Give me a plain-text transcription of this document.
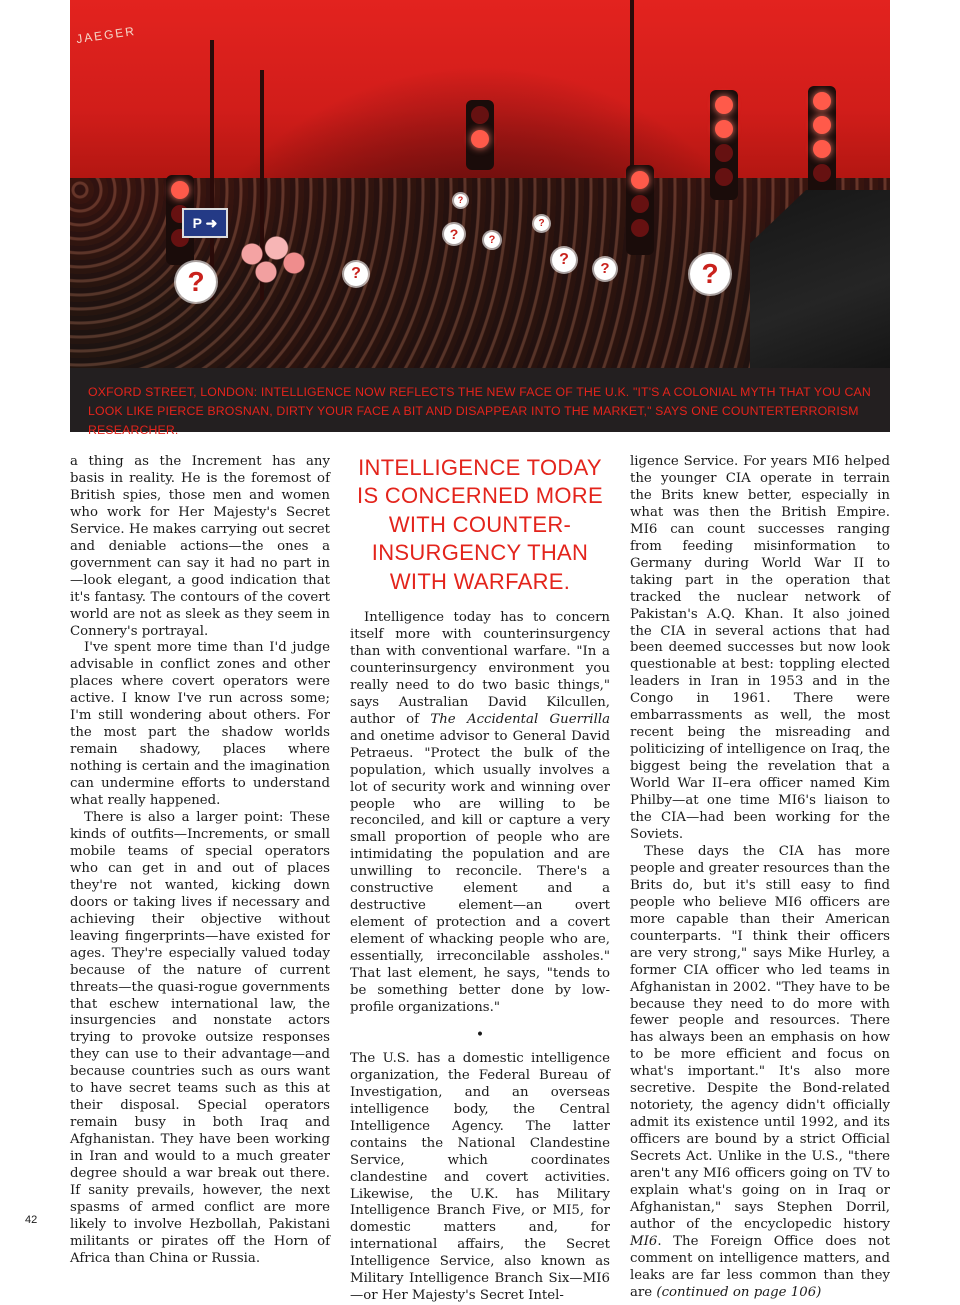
JAEGER
P ➜
?	?
?
?
?
?
?
?	?

OXFORD STREET, LONDON: INTELLIGENCE NOW REFLECTS THE NEW FACE OF THE U.K. "IT'S A COLONIAL MYTH THAT YOU CAN LOOK LIKE PIERCE BROSNAN, DIRTY YOUR FACE A BIT AND DISAPPEAR INTO THE MARKET," SAYS ONE COUNTERTERRORISM RESEARCHER.

a thing as the Increment has any basis in reality. He is the foremost of British spies, those men and women who work for Her Majesty's Secret Service. He makes carrying out secret and deniable actions—the ones a government can say it had no part in—look elegant, a good indication that it's fantasy. The contours of the covert world are not as sleek as they seem in Connery's portrayal.

I've spent more time than I'd judge advisable in conflict zones and other places where covert operators were active. I know I've run across some; I'm still wondering about others. For the most part the shadow worlds remain shadowy, places where nothing is certain and the imagination can undermine efforts to understand what really happened.

There is also a larger point: These kinds of outfits—Increments, or small mobile teams of special operators who can get in and out of places they're not wanted, kicking down doors or taking lives if necessary and achieving their objective without leaving fingerprints—have existed for ages. They're especially valued today because of the nature of current threats—the quasi-rogue governments that eschew international law, the insurgencies and nonstate actors trying to provoke outsize responses they can use to their advantage—and because countries such as ours want to have secret teams such as this at their disposal. Special operators remain busy in both Iraq and Afghanistan. They have been working in Iran and would to a much greater degree should a war break out there. If sanity prevails, however, the next spasms of armed conflict are more likely to involve Hezbollah, Pakistani militants or pirates off the Horn of Africa than China or Russia.

INTELLIGENCE TODAY IS CONCERNED MORE WITH COUNTER-INSURGENCY THAN WITH WARFARE.

Intelligence today has to concern itself more with counterinsurgency than with conventional warfare. "In a counterinsurgency environment you really need to do two basic things," says Australian David Kilcullen, author of The Accidental Guerrilla and onetime advisor to General David Petraeus. "Protect the bulk of the population, which usually involves a lot of security work and winning over people who are willing to be reconciled, and kill or capture a very small proportion of people who are intimidating the population and are unwilling to reconcile. There's a constructive element and a destructive element—an overt element of protection and a covert element of whacking people who are, essentially, irreconcilable assholes." That last element, he says, "tends to be something better done by low-profile organizations."

•

The U.S. has a domestic intelligence organization, the Federal Bureau of Investigation, and an overseas intelligence body, the Central Intelligence Agency. The latter contains the National Clandestine Service, which coordinates clandestine and covert activities. Likewise, the U.K. has Military Intelligence Branch Five, or MI5, for domestic matters and, for international affairs, the Secret Intelligence Service, also known as Military Intelligence Branch Six—MI6—or Her Majesty's Secret Intel-

ligence Service. For years MI6 helped the younger CIA operate in terrain the Brits knew better, especially in what was then the British Empire. MI6 can count successes ranging from feeding misinformation to Germany during World War II to taking part in the operation that tracked the nuclear network of Pakistan's A.Q. Khan. It also joined the CIA in several actions that had been deemed successes but now look questionable at best: toppling elected leaders in Iran in 1953 and in the Congo in 1961. There were embarrassments as well, the most recent being the misreading and politicizing of intelligence on Iraq, the biggest being the revelation that a World War II–era officer named Kim Philby—at one time MI6's liaison to the CIA—had been working for the Soviets.

These days the CIA has more people and greater resources than the Brits do, but it's still easy to find people who believe MI6 officers are more capable than their American counterparts. "I think their officers are very strong," says Mike Hurley, a former CIA officer who led teams in Afghanistan in 2002. "They have to be because they need to do more with fewer people and resources. There has always been an emphasis on how to be more efficient and focus on what's important." It's also more secretive. Despite the Bond-related notoriety, the agency didn't officially admit its existence until 1992, and its officers are bound by a strict Official Secrets Act. Unlike in the U.S., "there aren't any MI6 officers going on TV to explain what's going on in Iraq or Afghanistan," says Stephen Dorril, author of the encyclopedic history MI6. The Foreign Office does not comment on intelligence matters, and leaks are far less common than they are (continued on page 106)

42
